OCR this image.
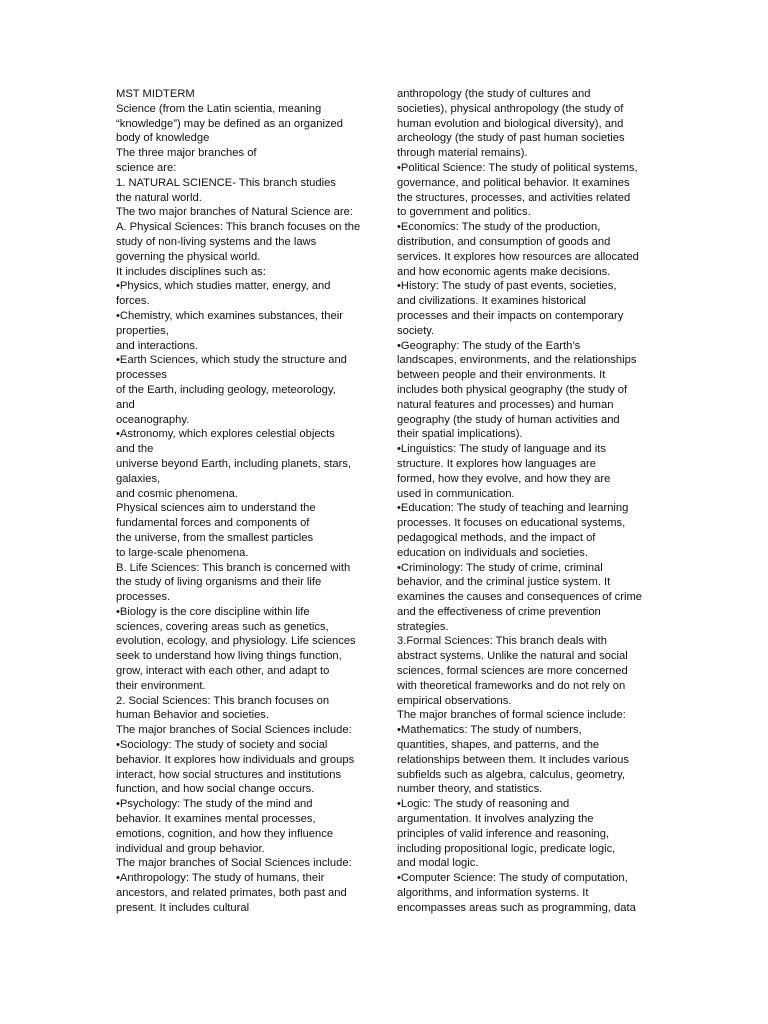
MST MIDTERM
Science (from the Latin scientia, meaning
“knowledge”) may be defined as an organized
body of knowledge
The three major branches of
science are:
1. NATURAL SCIENCE- This branch studies
the natural world.
The two major branches of Natural Science are:
A. Physical Sciences: This branch focuses on the
study of non-living systems and the laws
governing the physical world.
It includes disciplines such as:
•Physics, which studies matter, energy, and
forces.
•Chemistry, which examines substances, their
properties,
and interactions.
•Earth Sciences, which study the structure and
processes
of the Earth, including geology, meteorology,
and
oceanography.
•Astronomy, which explores celestial objects
and the
universe beyond Earth, including planets, stars,
galaxies,
and cosmic phenomena.
Physical sciences aim to understand the
fundamental forces and components of
the universe, from the smallest particles
to large-scale phenomena.
B. Life Sciences: This branch is concerned with
the study of living organisms and their life
processes.
•Biology is the core discipline within life
sciences, covering areas such as genetics,
evolution, ecology, and physiology. Life sciences
seek to understand how living things function,
grow, interact with each other, and adapt to
their environment.
2. Social Sciences: This branch focuses on
human Behavior and societies.
The major branches of Social Sciences include:
•Sociology: The study of society and social
behavior. It explores how individuals and groups
interact, how social structures and institutions
function, and how social change occurs.
•Psychology: The study of the mind and
behavior. It examines mental processes,
emotions, cognition, and how they influence
individual and group behavior.
The major branches of Social Sciences include:
•Anthropology: The study of humans, their
ancestors, and related primates, both past and
present. It includes cultural
anthropology (the study of cultures and
societies), physical anthropology (the study of
human evolution and biological diversity), and
archeology (the study of past human societies
through material remains).
•Political Science: The study of political systems,
governance, and political behavior. It examines
the structures, processes, and activities related
to government and politics.
•Economics: The study of the production,
distribution, and consumption of goods and
services. It explores how resources are allocated
and how economic agents make decisions.
•History: The study of past events, societies,
and civilizations. It examines historical
processes and their impacts on contemporary
society.
•Geography: The study of the Earth’s
landscapes, environments, and the relationships
between people and their environments. It
includes both physical geography (the study of
natural features and processes) and human
geography (the study of human activities and
their spatial implications).
•Linguistics: The study of language and its
structure. It explores how languages are
formed, how they evolve, and how they are
used in communication.
•Education: The study of teaching and learning
processes. It focuses on educational systems,
pedagogical methods, and the impact of
education on individuals and societies.
•Criminology: The study of crime, criminal
behavior, and the criminal justice system. It
examines the causes and consequences of crime
and the effectiveness of crime prevention
strategies.
3.Formal Sciences: This branch deals with
abstract systems. Unlike the natural and social
sciences, formal sciences are more concerned
with theoretical frameworks and do not rely on
empirical observations.
The major branches of formal science include:
•Mathematics: The study of numbers,
quantities, shapes, and patterns, and the
relationships between them. It includes various
subfields such as algebra, calculus, geometry,
number theory, and statistics.
•Logic: The study of reasoning and
argumentation. It involves analyzing the
principles of valid inference and reasoning,
including propositional logic, predicate logic,
and modal logic.
•Computer Science: The study of computation,
algorithms, and information systems. It
encompasses areas such as programming, data
